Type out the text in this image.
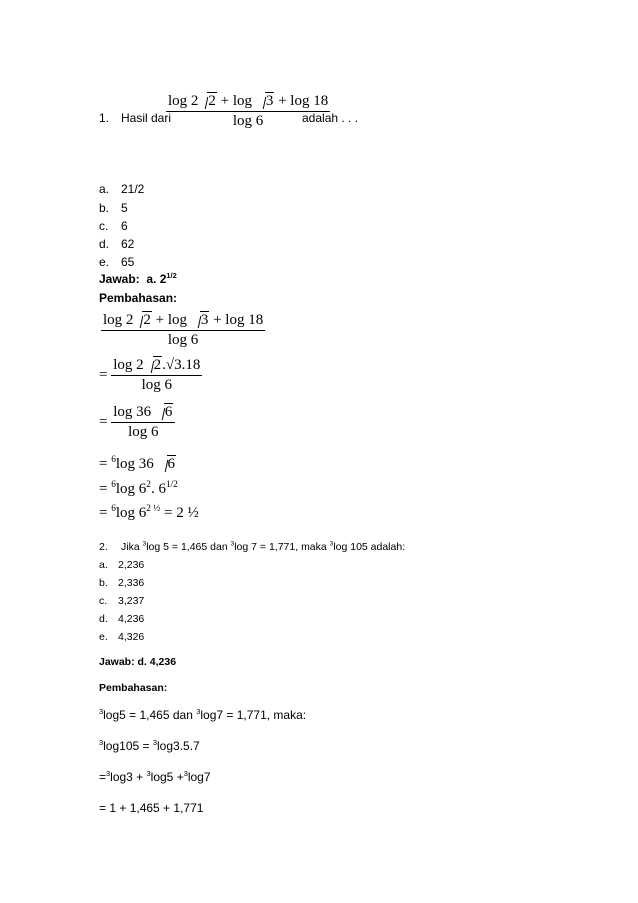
1. Hasil dari
$\frac{\log 2 2 + \log 3 + \log 18}{\log 6}$
adalah . . .
a. 21/2
b. 5
c. 6
d. 62
e. 65
Jawab: a. $2^{1/2}$
Pembahasan:
$\frac{\log 2 2 + \log 3 + \log 18}{\log 6}$
= $\frac{\log 2 2.√3.18}{\log 6}$
= $\frac{\log 36 6}{\log 6}$
= $^6$log 36 6
= $^6$log $6^2$. $6^{1/2}$
= $^6$log $6^{2 \frac{1}{2}} = 2$ ½
2. Jika $^3$log 5 = 1,465 dan $^3$log 7 = 1,771, maka $^3$log 105 adalah:
a. 2,236
b. 2,336
c. 3,237
d. 4,236
e. 4,326
Jawab: d. 4,236
Pembahasan:
$^3$log5 = 1,465 dan $^3$log7 = 1,771, maka:
$^3$log105 = $^3$log3.5.7
=$^3$log3 + $^3$log5 +$^3$log7
= 1 + 1,465 + 1,771
